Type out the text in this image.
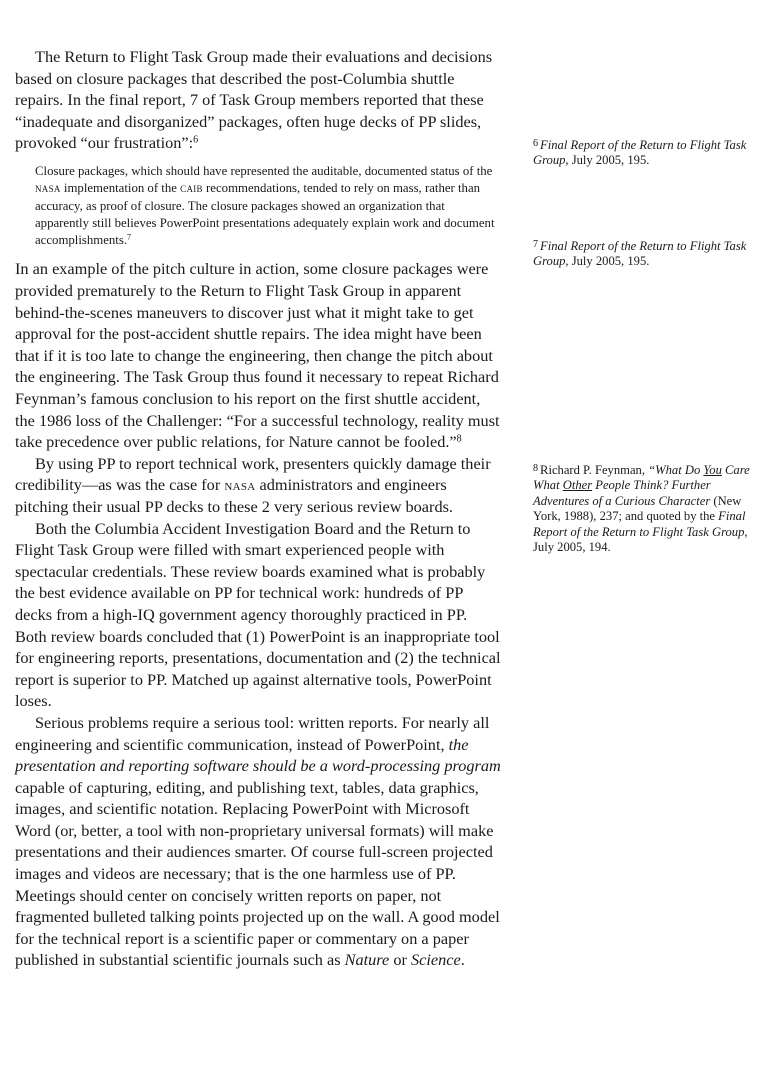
The Return to Flight Task Group made their evaluations and decisions based on closure packages that described the post-Columbia shuttle repairs. In the final report, 7 of Task Group members reported that these “inadequate and disorganized” packages, often huge decks of PP slides, provoked “our frustration”:$^6$

Closure packages, which should have represented the auditable, documented status of the nasa implementation of the caib recommendations, tended to rely on mass, rather than accuracy, as proof of closure. The closure packages showed an organization that apparently still believes PowerPoint presentations adequately explain work and document accomplishments.$^7$

In an example of the pitch culture in action, some closure packages were provided prematurely to the Return to Flight Task Group in apparent behind-the-scenes maneuvers to discover just what it might take to get approval for the post-accident shuttle repairs. The idea might have been that if it is too late to change the engineering, then change the pitch about the engineering. The Task Group thus found it necessary to repeat Richard Feynman’s famous conclusion to his report on the first shuttle accident, the 1986 loss of the Challenger: “For a successful technology, reality must take precedence over public relations, for Nature cannot be fooled.”$^8$

By using PP to report technical work, presenters quickly damage their credibility—as was the case for nasa administrators and engineers pitching their usual PP decks to these 2 very serious review boards.

Both the Columbia Accident Investigation Board and the Return to Flight Task Group were filled with smart experienced people with spectacular credentials. These review boards examined what is probably the best evidence available on PP for technical work: hundreds of PP decks from a high-IQ government agency thoroughly practiced in PP. Both review boards concluded that (1) PowerPoint is an inappropriate tool for engineering reports, presentations, documentation and (2) the technical report is superior to PP. Matched up against alternative tools, PowerPoint loses.

Serious problems require a serious tool: written reports. For nearly all engineering and scientific communication, instead of PowerPoint, the presentation and reporting software should be a word-processing program capable of capturing, editing, and publishing text, tables, data graphics, images, and scientific notation. Replacing PowerPoint with Microsoft Word (or, better, a tool with non-proprietary universal formats) will make presentations and their audiences smarter. Of course full-screen projected images and videos are necessary; that is the one harmless use of PP. Meetings should center on concisely written reports on paper, not fragmented bulleted talking points projected up on the wall. A good model for the technical report is a scientific paper or commentary on a paper published in substantial scientific journals such as Nature or Science.

$^6$ Final Report of the Return to Flight Task Group, July 2005, 195.
$^7$ Final Report of the Return to Flight Task Group, July 2005, 195.
$^8$ Richard P. Feynman, “What Do You Care What Other People Think? Further Adventures of a Curious Character (New York, 1988), 237; and quoted by the Final Report of the Return to Flight Task Group, July 2005, 194.
